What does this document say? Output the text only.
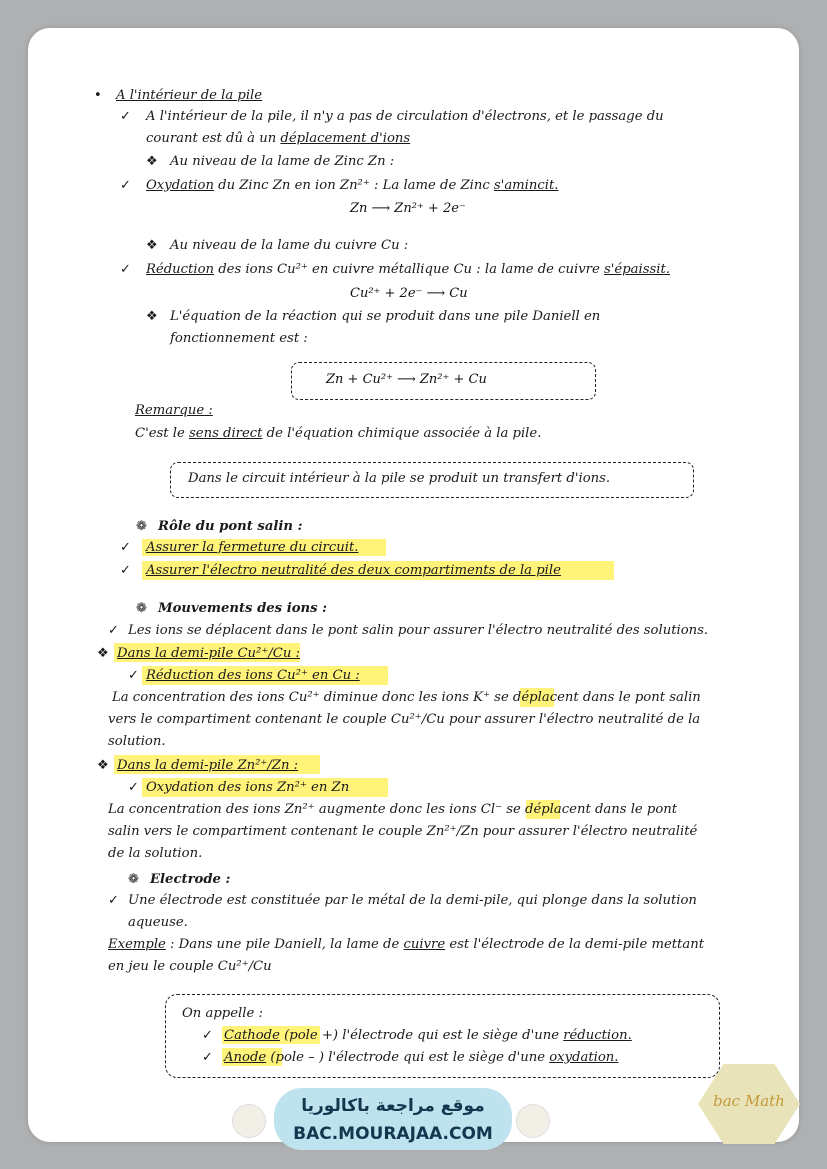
• A l'intérieur de la pile
✓ A l'intérieur de la pile, il n'y a pas de circulation d'électrons, et le passage du
courant est dû à un déplacement d'ions
❖ Au niveau de la lame de Zinc Zn :
✓ Oxydation du Zinc Zn en ion Zn²⁺ : La lame de Zinc s'amincit.
Zn ⟶ Zn²⁺ + 2e⁻
❖ Au niveau de la lame du cuivre Cu :
✓ Réduction des ions Cu²⁺ en cuivre métallique Cu : la lame de cuivre s'épaissit.
Cu²⁺ + 2e⁻ ⟶ Cu
❖ L'équation de la réaction qui se produit dans une pile Daniell en
fonctionnement est :
Zn + Cu²⁺ ⟶ Zn²⁺ + Cu
Remarque :
C'est le sens direct de l'équation chimique associée à la pile.
Dans le circuit intérieur à la pile se produit un transfert d'ions.
❁ Rôle du pont salin :
✓ Assurer la fermeture du circuit.
✓ Assurer l'électro neutralité des deux compartiments de la pile
❁ Mouvements des ions :
✓ Les ions se déplacent dans le pont salin pour assurer l'électro neutralité des solutions.
❖ Dans la demi-pile Cu²⁺/Cu :
✓ Réduction des ions Cu²⁺ en Cu :
La concentration des ions Cu²⁺ diminue donc les ions K⁺ se déplacent dans le pont salin
vers le compartiment contenant le couple Cu²⁺/Cu pour assurer l'électro neutralité de la
solution.
❖ Dans la demi-pile Zn²⁺/Zn :
✓ Oxydation des ions Zn²⁺ en Zn
La concentration des ions Zn²⁺ augmente donc les ions Cl⁻ se déplacent dans le pont
salin vers le compartiment contenant le couple Zn²⁺/Zn pour assurer l'électro neutralité
de la solution.
❁ Electrode :
✓ Une électrode est constituée par le métal de la demi-pile, qui plonge dans la solution
aqueuse.
Exemple : Dans une pile Daniell, la lame de cuivre est l'électrode de la demi-pile mettant
en jeu le couple Cu²⁺/Cu
On appelle :
✓ Cathode (pole +) l'électrode qui est le siège d'une réduction.
✓ Anode (pole – ) l'électrode qui est le siège d'une oxydation.
موقع مراجعة باكالوريا
BAC.MOURAJAA.COM
bac Math
